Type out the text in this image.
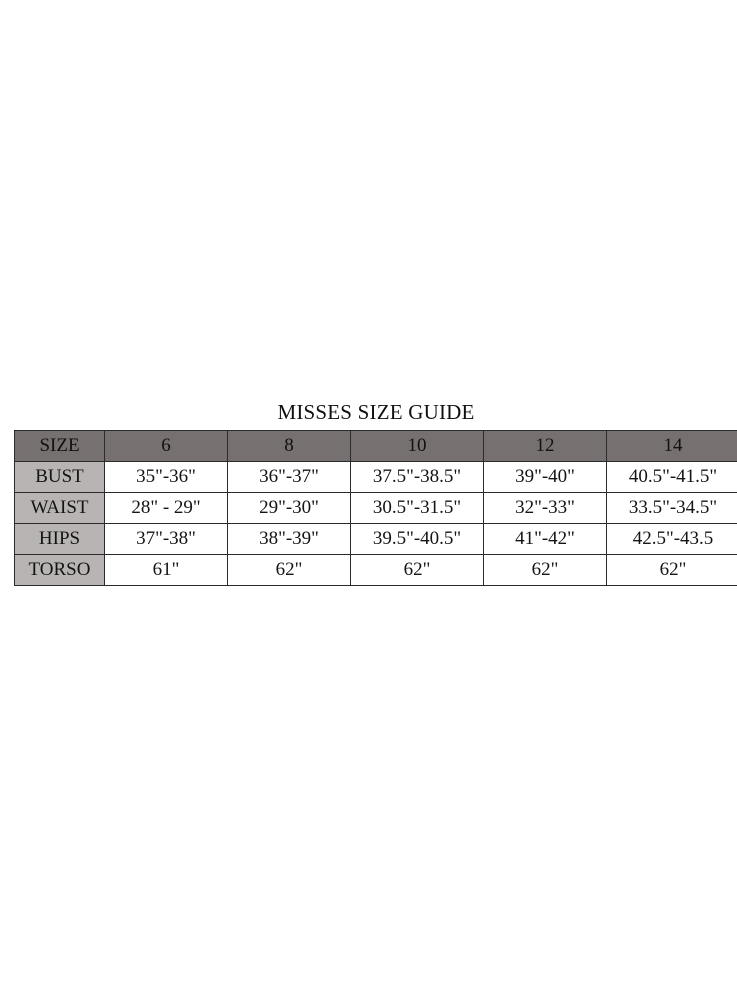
MISSES SIZE GUIDE
SIZE	6	8	10	12	14
BUST	35"-36"	36"-37"	37.5"-38.5"	39"-40"	40.5"-41.5"
WAIST	28" - 29"	29"-30"	30.5"-31.5"	32"-33"	33.5"-34.5"
HIPS	37"-38"	38"-39"	39.5"-40.5"	41"-42"	42.5"-43.5
TORSO	61"	62"	62"	62"	62"
